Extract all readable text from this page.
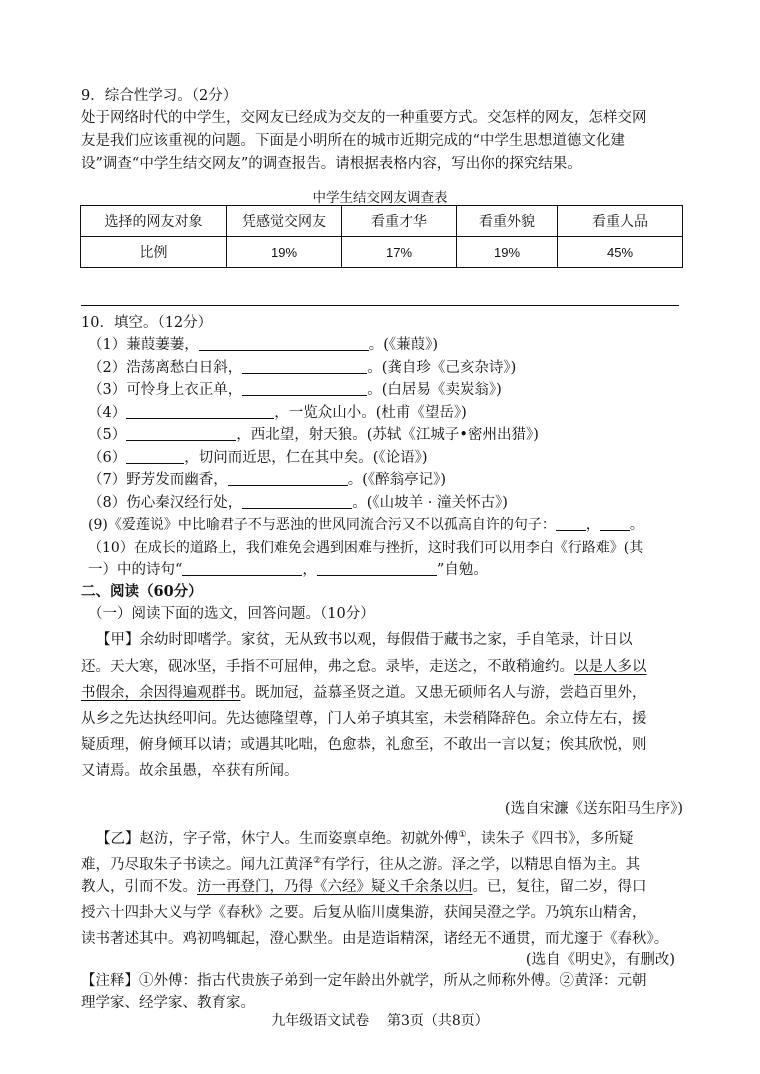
9．综合性学习。（2分）
处于网络时代的中学生，交网友已经成为交友的一种重要方式。交怎样的网友，怎样交网
友是我们应该重视的问题。下面是小明所在的城市近期完成的“中学生思想道德文化建
设”调查“中学生结交网友”的调查报告。请根据表格内容，写出你的探究结果。
中学生结交网友调查表
选择的网友对象	凭感觉交网友	看重才华	看重外貌	看重人品
比例	19%	17%	19%	45%
10．填空。（12分）
（1）蒹葭萋萋，	。(《蒹葭》)
（2）浩荡离愁白日斜，	。(龚自珍《己亥杂诗》)
（3）可怜身上衣正单，	。(白居易《卖炭翁》)
（4）	，一览众山小。(杜甫《望岳》)
（5）	，西北望，射天狼。(苏轼《江城子•密州出猎》)
（6）	，切问而近思，仁在其中矣。(《论语》)
（7）野芳发而幽香，	。(《醉翁亭记》)
（8）伤心秦汉经行处，	。(《山坡羊 · 潼关怀古》)
(9)《爱莲说》中比喻君子不与恶浊的世风同流合污又不以孤高自许的句子： ， 。
（10）在成长的道路上，我们难免会遇到困难与挫折，这时我们可以用李白《行路难》(其
一）中的诗句“	，	”自勉。
二、阅读（60分）
（一）阅读下面的选文，回答问题。（10分）
【甲】余幼时即嗜学。家贫，无从致书以观，每假借于藏书之家，手自笔录，计日以
还。天大寒，砚冰坚，手指不可屈伸，弗之怠。录毕，走送之，不敢稍逾约。以是人多以
书假余，余因得遍观群书。既加冠，益慕圣贤之道。又患无硕师名人与游，尝趋百里外，
从乡之先达执经叩问。先达德隆望尊，门人弟子填其室，未尝稍降辞色。余立侍左右，援
疑质理，俯身倾耳以请；或遇其叱咄，色愈恭，礼愈至，不敢出一言以复；俟其欣悦，则
又请焉。故余虽愚，卒获有所闻。
(选自宋濂《送东阳马生序》)
【乙】赵汸，字子常，休宁人。生而姿禀卓绝。初就外傅①，读朱子《四书》，多所疑
难，乃尽取朱子书读之。闻九江黄泽②有学行，往从之游。泽之学，以精思自悟为主。其
教人，引而不发。汸一再登门，乃得《六经》疑义千余条以归。已，复往，留二岁，得口
授六十四卦大义与学《春秋》之要。后复从临川虞集游，获闻吴澄之学。乃筑东山精舍，
读书著述其中。鸡初鸣辄起，澄心默坐。由是造诣精深，诸经无不通贯，而尤邃于《春秋》。
(选自《明史》，有删改)
【注释】①外傅：指古代贵族子弟到一定年龄出外就学，所从之师称外傅。②黄泽：元朝
理学家、经学家、教育家。
九年级语文试卷    第3页（共8页）
